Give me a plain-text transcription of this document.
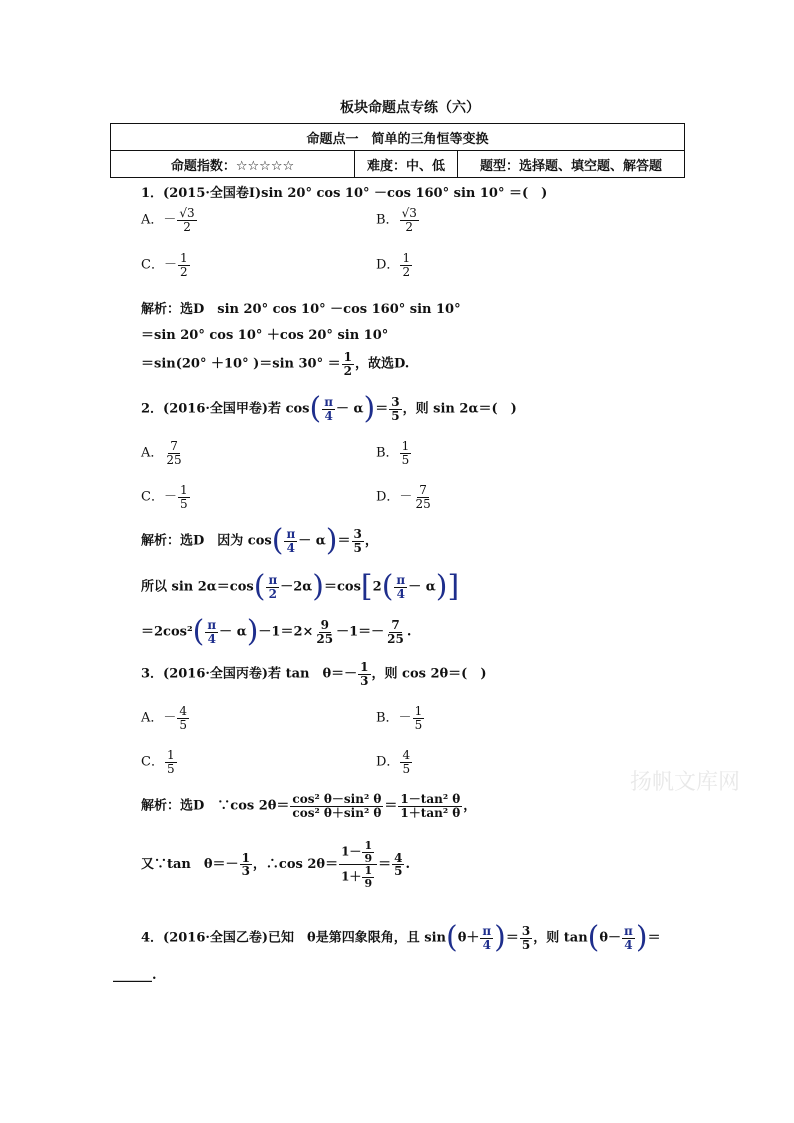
板块命题点专练（六）
命题点一　简单的三角恒等变换
命题指数：☆☆☆☆☆	难度：中、低	题型：选择题、填空题、解答题
1．(2015·全国卷Ⅰ)sin 20° cos 10° －cos 160° sin 10° ＝(　)
A．－ $\frac{√3}{2}$	B． $\frac{√3}{2}$
C．－ $\frac{1}{2}$	D． $\frac{1}{2}$
解析：选D　sin 20° cos 10° －cos 160° sin 10°
＝sin 20° cos 10° ＋cos 20° sin 10°
＝sin(20° ＋10° )＝sin $30^\circ = \frac{1}{2}$ ，故选D.
2．(2016·全国甲卷)若 $\cos( \frac{\pi}{4} - \alpha)= \frac{3}{5}$ ，则 sin 2α＝(　)
A． $\frac{7}{25}$	B． $\frac{1}{5}$
C．－ $\frac{1}{5}$	D．－ $\frac{7}{25}$
解析：选D　因为 $\cos( \frac{\pi}{4} - \alpha)= \frac{3}{5}$ ，
所以 $\sin 2\alpha=\cos( \frac{\pi}{2} -2\alpha)=\cos[2( \frac{\pi}{4} - \alpha)]$
$=2\cos^2( \frac{\pi}{4} - \alpha)-1=2\times \frac{9}{25} -1=- \frac{7}{25}$ .
3．(2016·全国丙卷)若 tan　$\theta=- \frac{1}{3}$ ，则 cos 2θ＝(　)
A．－ $\frac{4}{5}$	B．－ $\frac{1}{5}$
C． $\frac{1}{5}$	D． $\frac{4}{5}$
解析：选D　∵cos $2\theta= \frac{\text{cos² θ－sin² θ}}{\text{cos² θ＋sin² θ}} = \frac{\text{1－tan² θ}}{\text{1＋tan² θ}}$ ，
又∵tan　$\theta=- \frac{1}{3}$ ，∴cos $2\theta= \frac{1- \frac{1}{9}}{1+ \frac{1}{9}} = \frac{4}{5}$ .
扬帆文库网
4．(2016·全国乙卷)已知　θ是第四象限角，且 $\sin(\theta+ \frac{\pi}{4}$ )＝ $\frac{3}{5}$ ，则 $\tan(\theta- \frac{\pi}{4}$ )＝
______.
